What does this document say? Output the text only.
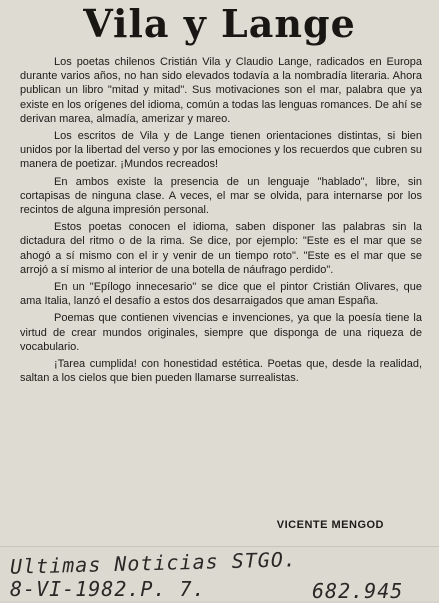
Vila y Lange

Los poetas chilenos Cristián Vila y Claudio Lange, radicados en Europa durante varios años, no han sido elevados todavía a la nombradía literaria. Ahora publican un libro "mitad y mitad". Sus motivaciones son el mar, palabra que ya existe en los orígenes del idioma, común a todas las lenguas romances. De ahí se derivan marea, almadía, amerizar y mareo.

Los escritos de Vila y de Lange tienen orientaciones distintas, si bien unidos por la libertad del verso y por las emociones y los recuerdos que cubren su manera de poetizar. ¡Mundos recreados!

En ambos existe la presencia de un lenguaje "hablado", libre, sin cortapisas de ninguna clase. A veces, el mar se olvida, para internarse por los recintos de alguna impresión personal.

Estos poetas conocen el idioma, saben disponer las palabras sin la dictadura del ritmo o de la rima. Se dice, por ejemplo: "Este es el mar que se ahogó a sí mismo con el ir y venir de un tiempo roto". "Este es el mar que se arrojó a sí mismo al interior de una botella de náufrago perdido".

En un "Epílogo innecesario" se dice que el pintor Cristián Olivares, que ama Italia, lanzó el desafío a estos dos desarraigados que aman España.

Poemas que contienen vivencias e invenciones, ya que la poesía tiene la virtud de crear mundos originales, siempre que disponga de una riqueza de vocabulario.

¡Tarea cumplida! con honestidad estética. Poetas que, desde la realidad, saltan a los cielos que bien pueden llamarse surrealistas.

VICENTE MENGOD
Ultimas Noticias STGO.
8-VI-1982.P. 7.	682.945
